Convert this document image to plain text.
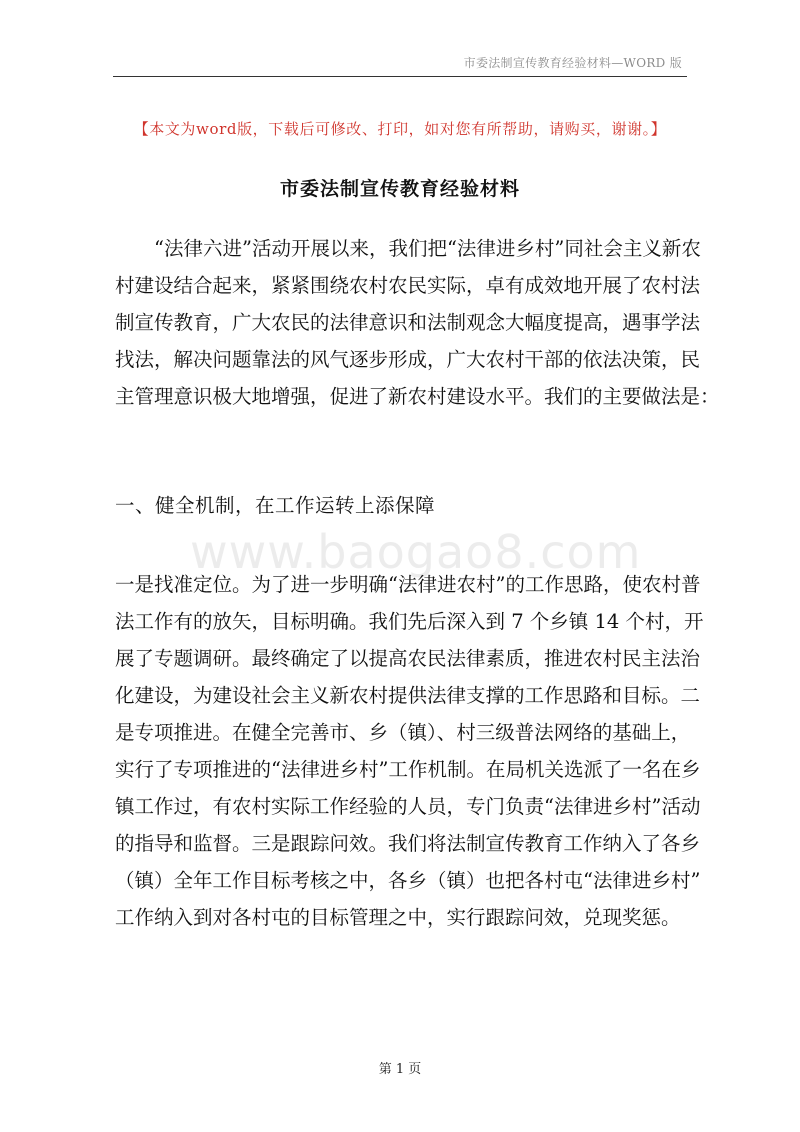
市委法制宣传教育经验材料—WORD 版
【本文为word版，下载后可修改、打印，如对您有所帮助，请购买，谢谢。】
市委法制宣传教育经验材料
　　“法律六进”活动开展以来，我们把“法律进乡村”同社会主义新农
村建设结合起来，紧紧围绕农村农民实际，卓有成效地开展了农村法
制宣传教育，广大农民的法律意识和法制观念大幅度提高，遇事学法
找法，解决问题靠法的风气逐步形成，广大农村干部的依法决策，民
主管理意识极大地增强，促进了新农村建设水平。我们的主要做法是：
一、健全机制，在工作运转上添保障
www.baogao8.com
一是找准定位。为了进一步明确“法律进农村”的工作思路，使农村普
法工作有的放矢，目标明确。我们先后深入到 7 个乡镇 14 个村，开
展了专题调研。最终确定了以提高农民法律素质，推进农村民主法治
化建设，为建设社会主义新农村提供法律支撑的工作思路和目标。二
是专项推进。在健全完善市、乡（镇）、村三级普法网络的基础上，
实行了专项推进的“法律进乡村”工作机制。在局机关选派了一名在乡
镇工作过，有农村实际工作经验的人员，专门负责“法律进乡村”活动
的指导和监督。三是跟踪问效。我们将法制宣传教育工作纳入了各乡
（镇）全年工作目标考核之中，各乡（镇）也把各村屯“法律进乡村”
工作纳入到对各村屯的目标管理之中，实行跟踪问效，兑现奖惩。
第 1 页
